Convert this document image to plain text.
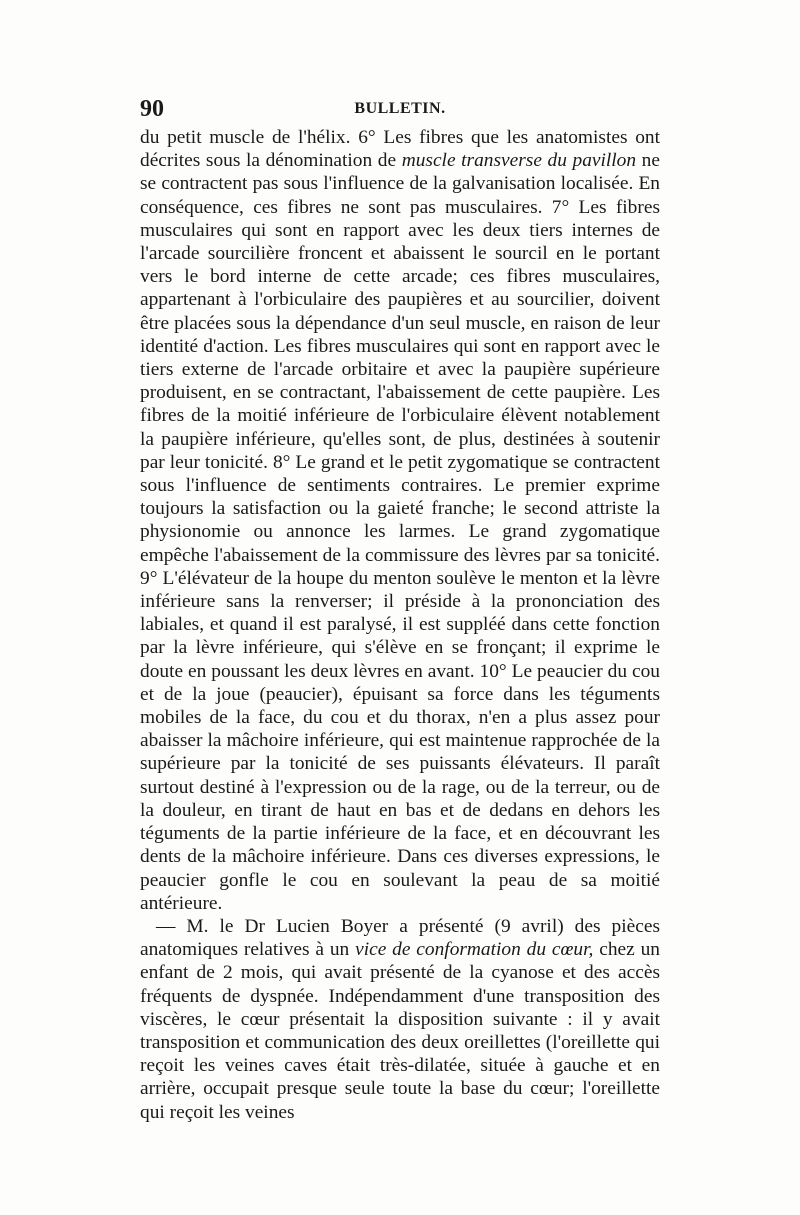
90	BULLETIN.

du petit muscle de l'hélix. 6° Les fibres que les anatomistes ont décrites sous la dénomination de muscle transverse du pavillon ne se contractent pas sous l'influence de la galvanisation localisée. En conséquence, ces fibres ne sont pas musculaires. 7° Les fibres musculaires qui sont en rapport avec les deux tiers internes de l'arcade sourcilière froncent et abaissent le sourcil en le portant vers le bord interne de cette arcade; ces fibres musculaires, appartenant à l'orbiculaire des paupières et au sourcilier, doivent être placées sous la dépendance d'un seul muscle, en raison de leur identité d'action. Les fibres musculaires qui sont en rapport avec le tiers externe de l'arcade orbitaire et avec la paupière supérieure produisent, en se contractant, l'abaissement de cette paupière. Les fibres de la moitié inférieure de l'orbiculaire élèvent notablement la paupière inférieure, qu'elles sont, de plus, destinées à soutenir par leur tonicité. 8° Le grand et le petit zygomatique se contractent sous l'influence de sentiments contraires. Le premier exprime toujours la satisfaction ou la gaieté franche; le second attriste la physionomie ou annonce les larmes. Le grand zygomatique empêche l'abaissement de la commissure des lèvres par sa tonicité. 9° L'élévateur de la houpe du menton soulève le menton et la lèvre inférieure sans la renverser; il préside à la prononciation des labiales, et quand il est paralysé, il est suppléé dans cette fonction par la lèvre inférieure, qui s'élève en se fronçant; il exprime le doute en poussant les deux lèvres en avant. 10° Le peaucier du cou et de la joue (peaucier), épuisant sa force dans les téguments mobiles de la face, du cou et du thorax, n'en a plus assez pour abaisser la mâchoire inférieure, qui est maintenue rapprochée de la supérieure par la tonicité de ses puissants élévateurs. Il paraît surtout destiné à l'expression ou de la rage, ou de la terreur, ou de la douleur, en tirant de haut en bas et de dedans en dehors les téguments de la partie inférieure de la face, et en découvrant les dents de la mâchoire inférieure. Dans ces diverses expressions, le peaucier gonfle le cou en soulevant la peau de sa moitié antérieure.

— M. le Dr Lucien Boyer a présenté (9 avril) des pièces anatomiques relatives à un vice de conformation du cœur, chez un enfant de 2 mois, qui avait présenté de la cyanose et des accès fréquents de dyspnée. Indépendamment d'une transposition des viscères, le cœur présentait la disposition suivante : il y avait transposition et communication des deux oreillettes (l'oreillette qui reçoit les veines caves était très-dilatée, située à gauche et en arrière, occupait presque seule toute la base du cœur; l'oreillette qui reçoit les veines
